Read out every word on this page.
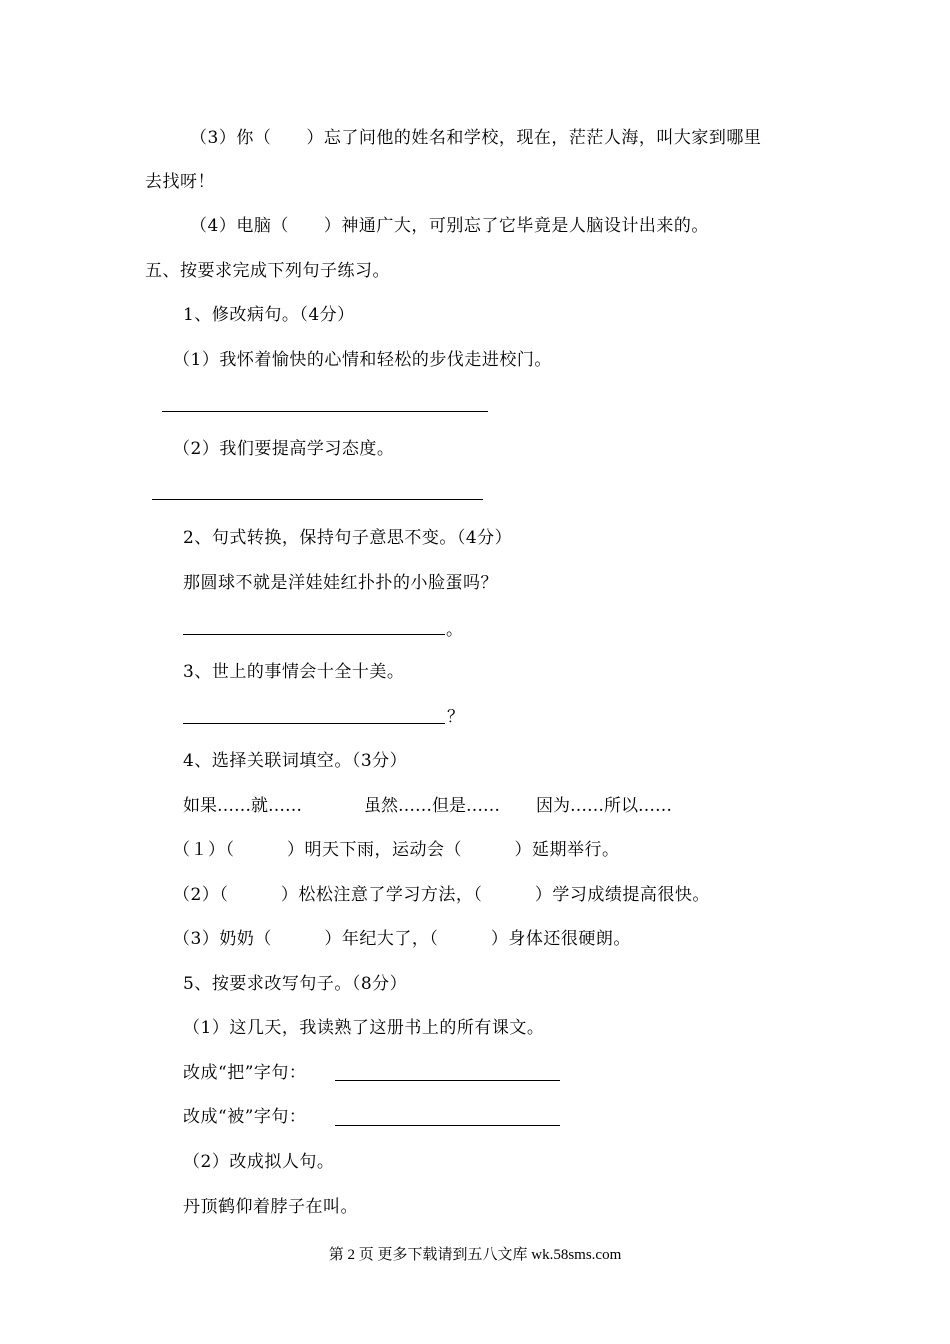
（3）你（　　）忘了问他的姓名和学校，现在，茫茫人海，叫大家到哪里
去找呀！
（4）电脑（　　）神通广大，可别忘了它毕竟是人脑设计出来的。
五、按要求完成下列句子练习。
1、修改病句。（4分）
（1）我怀着愉快的心情和轻松的步伐走进校门。
（2）我们要提高学习态度。
2、句式转换，保持句子意思不变。（4分）
那圆球不就是洋娃娃红扑扑的小脸蛋吗？
。
3、世上的事情会十全十美。
？
4、选择关联词填空。（3分）
如果……就……	虽然……但是…… 因为……所以……
（１）（　　　）明天下雨，运动会（　　　）延期举行。
（2）（　　　）松松注意了学习方法，（　　　）学习成绩提高很快。
（3）奶奶（　　　）年纪大了，（　　　）身体还很硬朗。
5、按要求改写句子。（8分）
（1）这几天，我读熟了这册书上的所有课文。
改成“把”字句：
改成“被”字句：
（2）改成拟人句。
丹顶鹤仰着脖子在叫。
第 2 页 更多下载请到五八文库 wk.58sms.com
